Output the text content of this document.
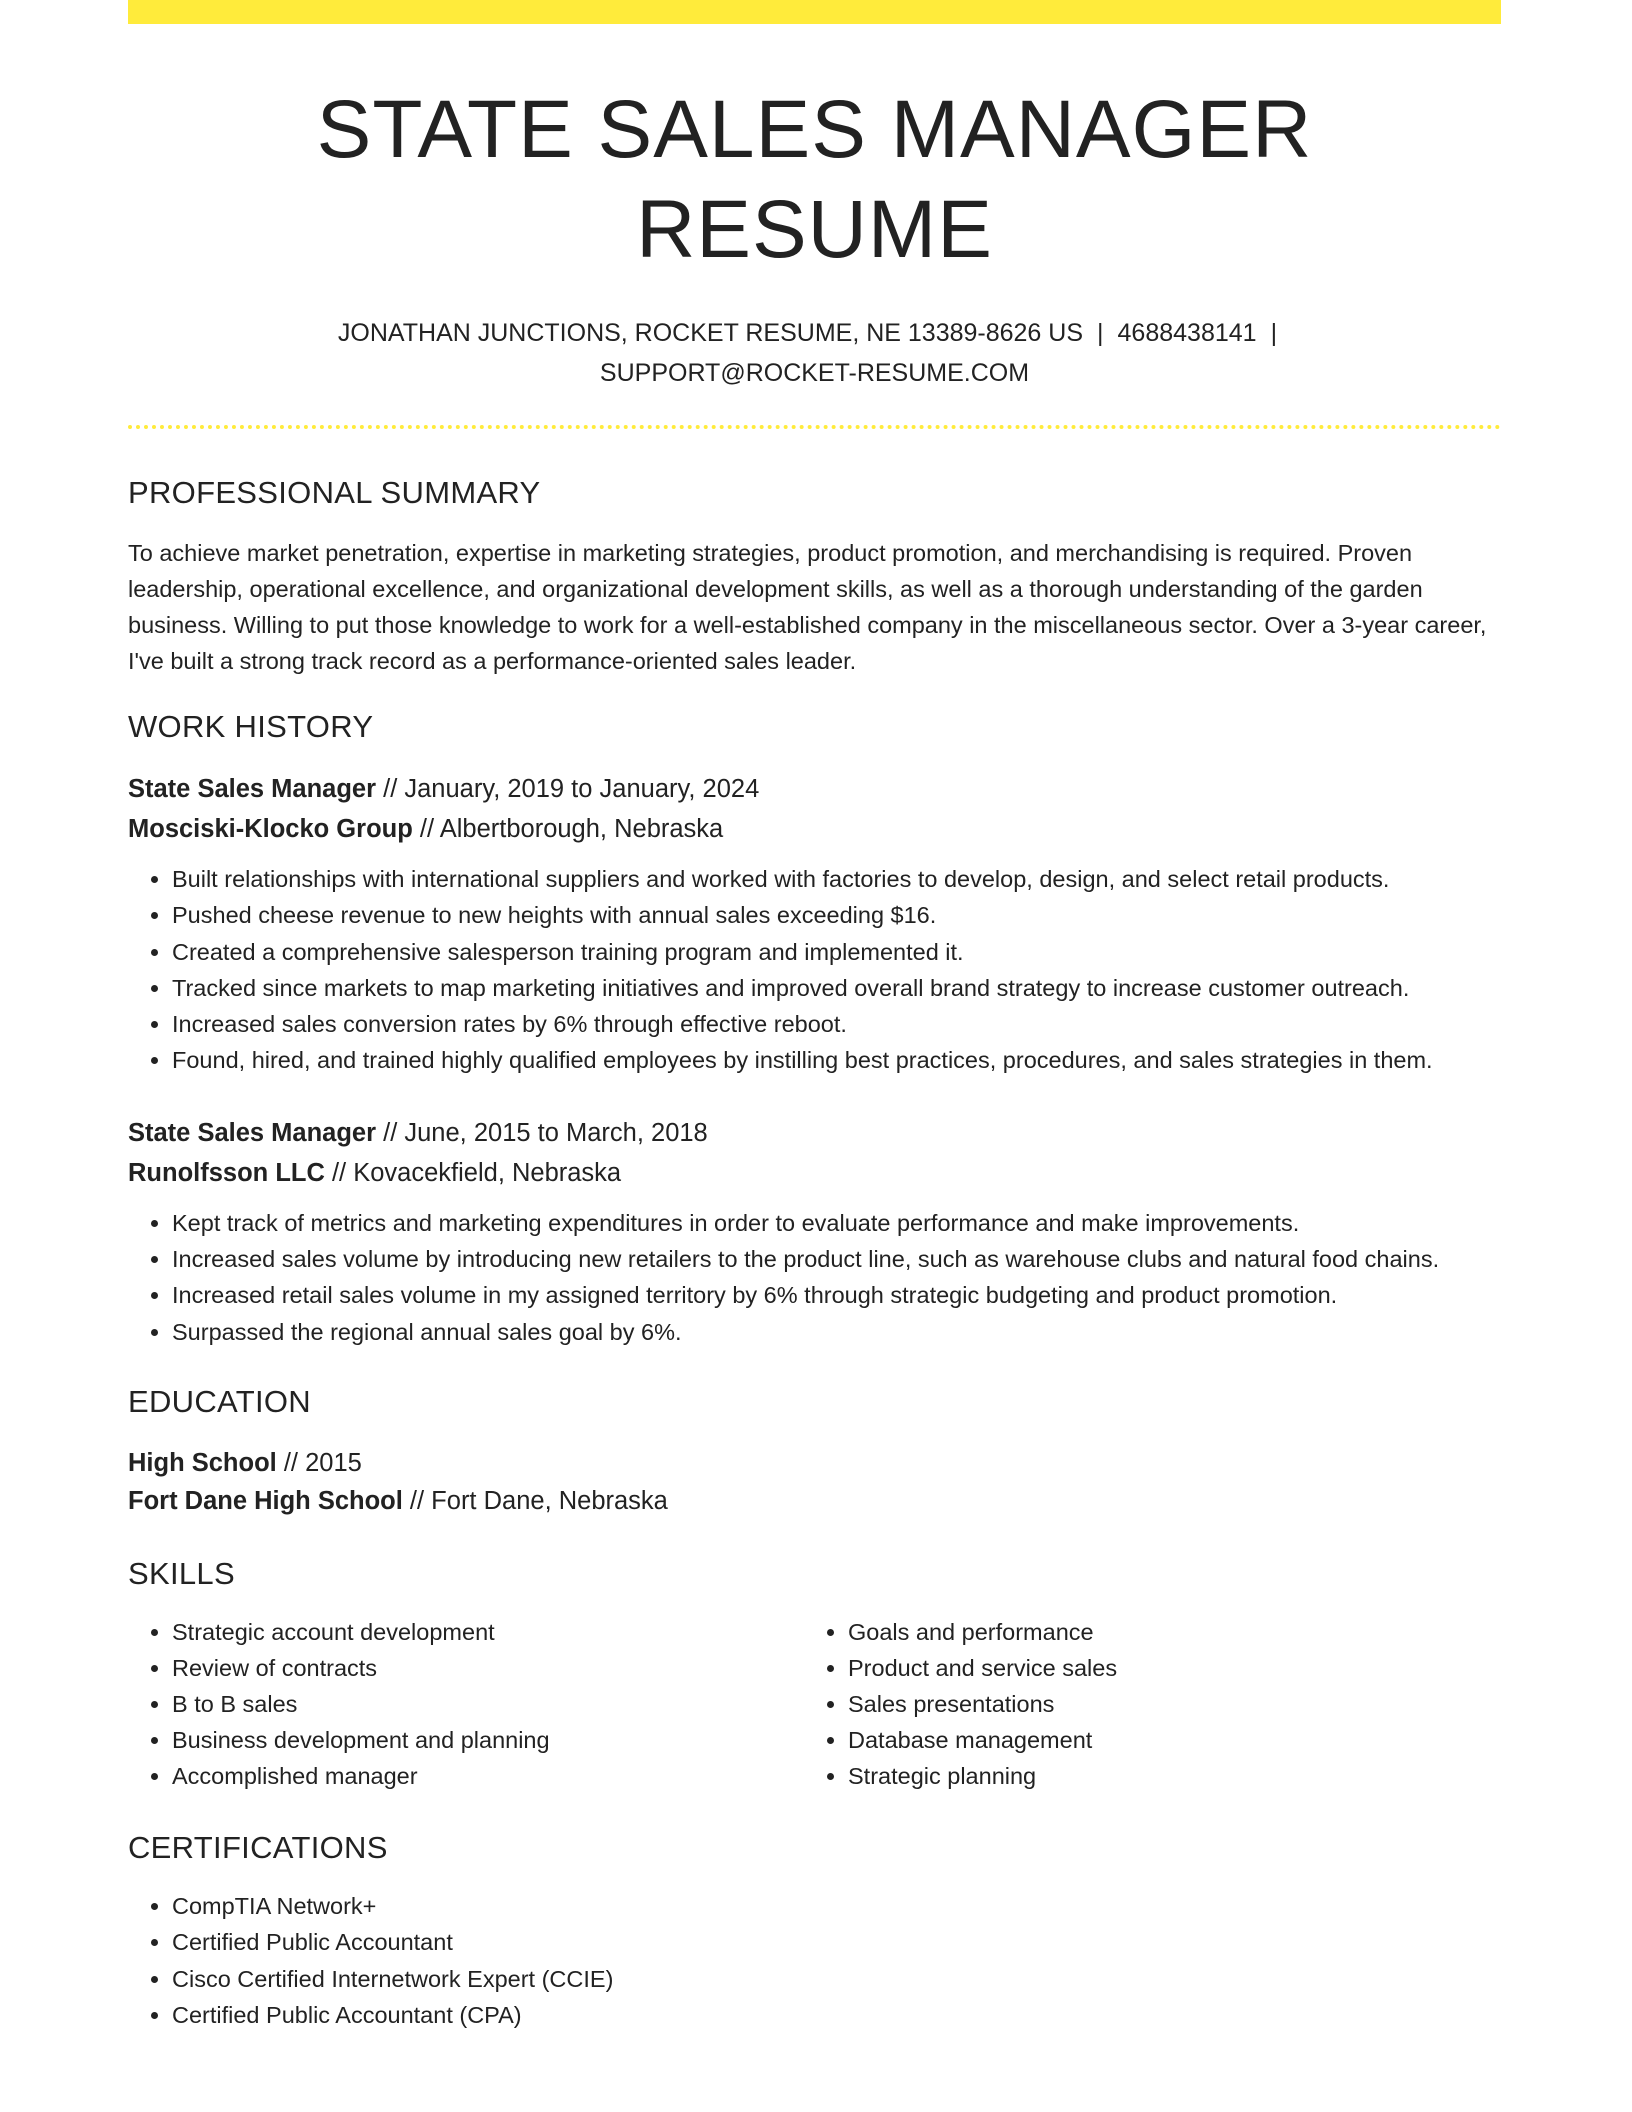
STATE SALES MANAGER RESUME
JONATHAN JUNCTIONS, ROCKET RESUME, NE 13389-8626 US | 4688438141 |
SUPPORT@ROCKET-RESUME.COM
PROFESSIONAL SUMMARY

To achieve market penetration, expertise in marketing strategies, product promotion, and merchandising is required. Proven leadership, operational excellence, and organizational development skills, as well as a thorough understanding of the garden business. Willing to put those knowledge to work for a well-established company in the miscellaneous sector. Over a 3-year career, I've built a strong track record as a performance-oriented sales leader.

WORK HISTORY
State Sales Manager // January, 2019 to January, 2024
Mosciski-Klocko Group // Albertborough, Nebraska
• Built relationships with international suppliers and worked with factories to develop, design, and select retail products.
• Pushed cheese revenue to new heights with annual sales exceeding $16.
• Created a comprehensive salesperson training program and implemented it.
• Tracked since markets to map marketing initiatives and improved overall brand strategy to increase customer outreach.
• Increased sales conversion rates by 6% through effective reboot.
• Found, hired, and trained highly qualified employees by instilling best practices, procedures, and sales strategies in them.
State Sales Manager // June, 2015 to March, 2018
Runolfsson LLC // Kovacekfield, Nebraska
• Kept track of metrics and marketing expenditures in order to evaluate performance and make improvements.
• Increased sales volume by introducing new retailers to the product line, such as warehouse clubs and natural food chains.
• Increased retail sales volume in my assigned territory by 6% through strategic budgeting and product promotion.
• Surpassed the regional annual sales goal by 6%.
EDUCATION
High School // 2015
Fort Dane High School // Fort Dane, Nebraska
SKILLS
• Strategic account development
• Review of contracts
• B to B sales
• Business development and planning
• Accomplished manager
• Goals and performance
• Product and service sales
• Sales presentations
• Database management
• Strategic planning
CERTIFICATIONS
• CompTIA Network+
• Certified Public Accountant
• Cisco Certified Internetwork Expert (CCIE)
• Certified Public Accountant (CPA)
